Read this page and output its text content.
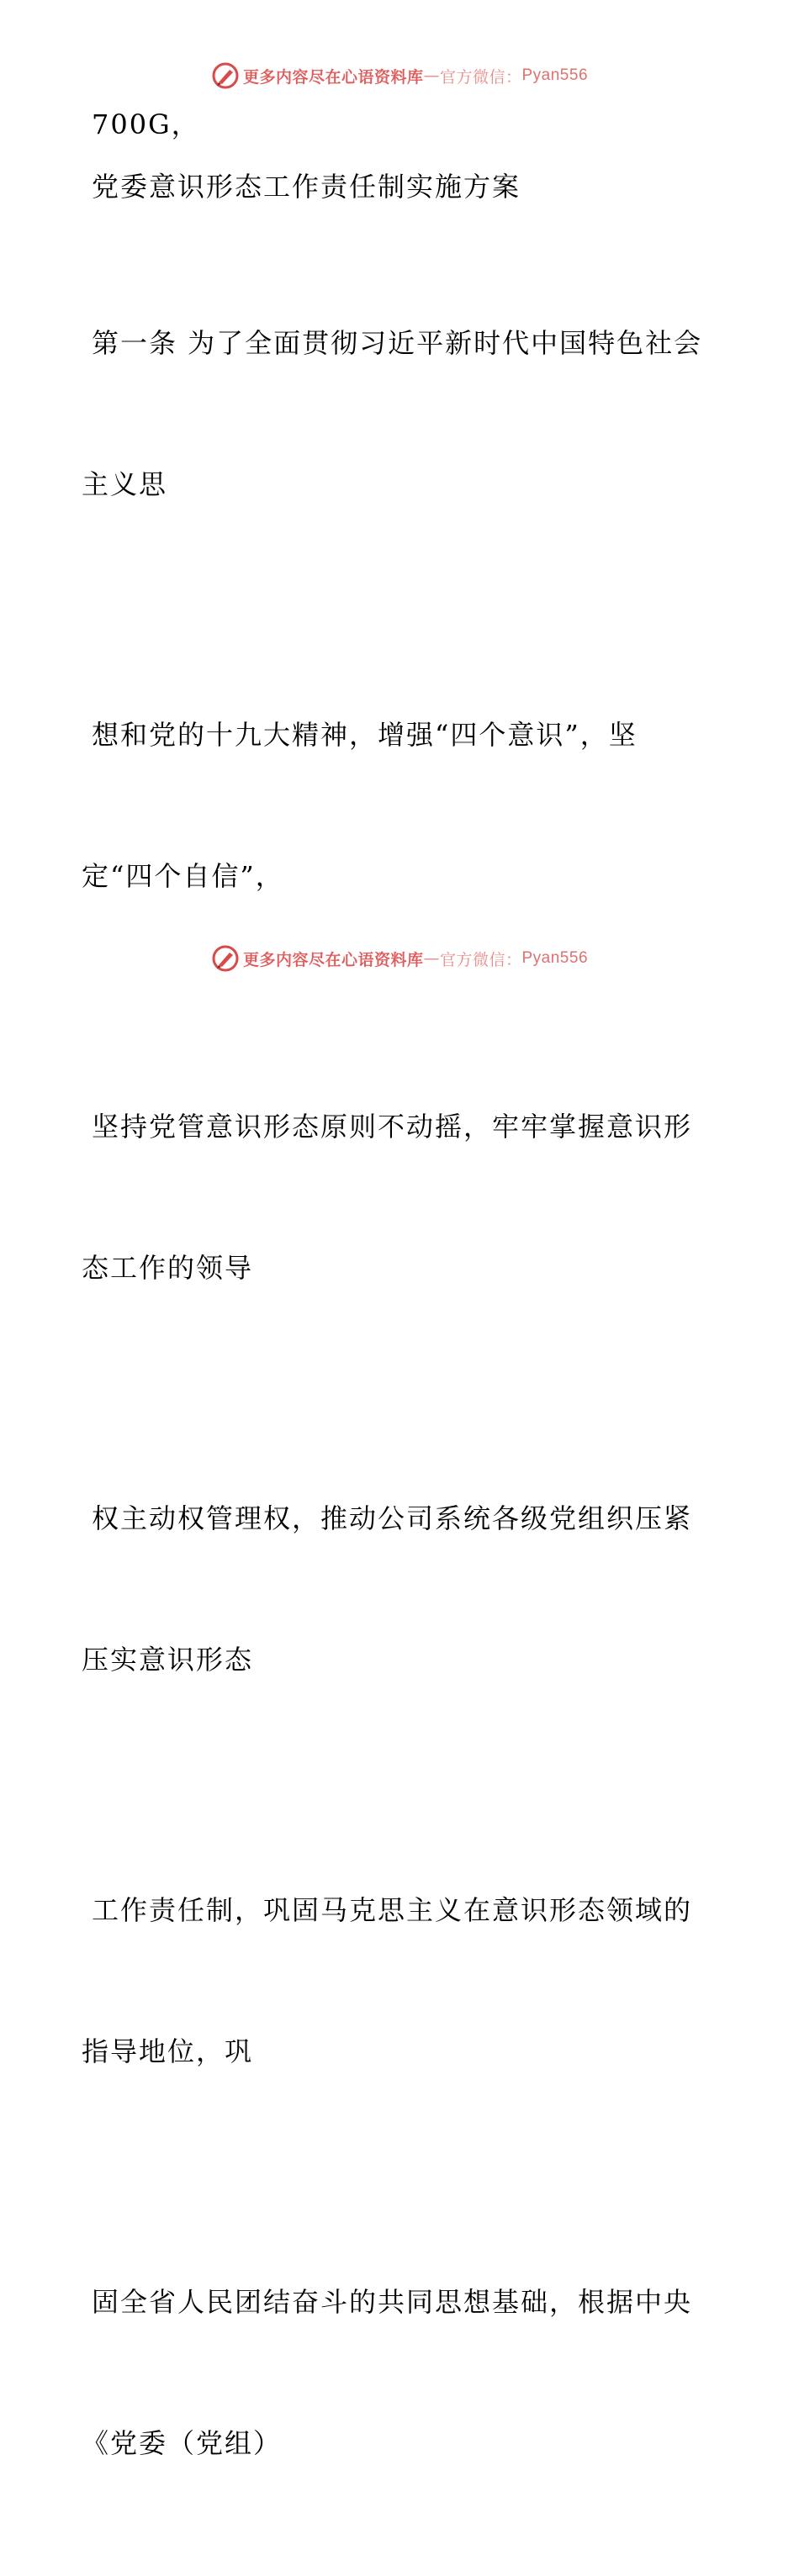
更多内容尽在心语资料库 — 官方微信： Pyan556

700G，

党委意识形态工作责任制实施方案

第一条 为了全面贯彻习近平新时代中国特色社会

主义思

想和党的十九大精神，增强“四个意识”，坚

定“四个自信”，

坚持党管意识形态原则不动摇，牢牢掌握意识形

态工作的领导

权主动权管理权，推动公司系统各级党组织压紧

压实意识形态

工作责任制，巩固马克思主义在意识形态领域的

指导地位，巩

固全省人民团结奋斗的共同思想基础，根据中央

《党委（党组）

更多内容尽在心语资料库 — 官方微信： Pyan556
